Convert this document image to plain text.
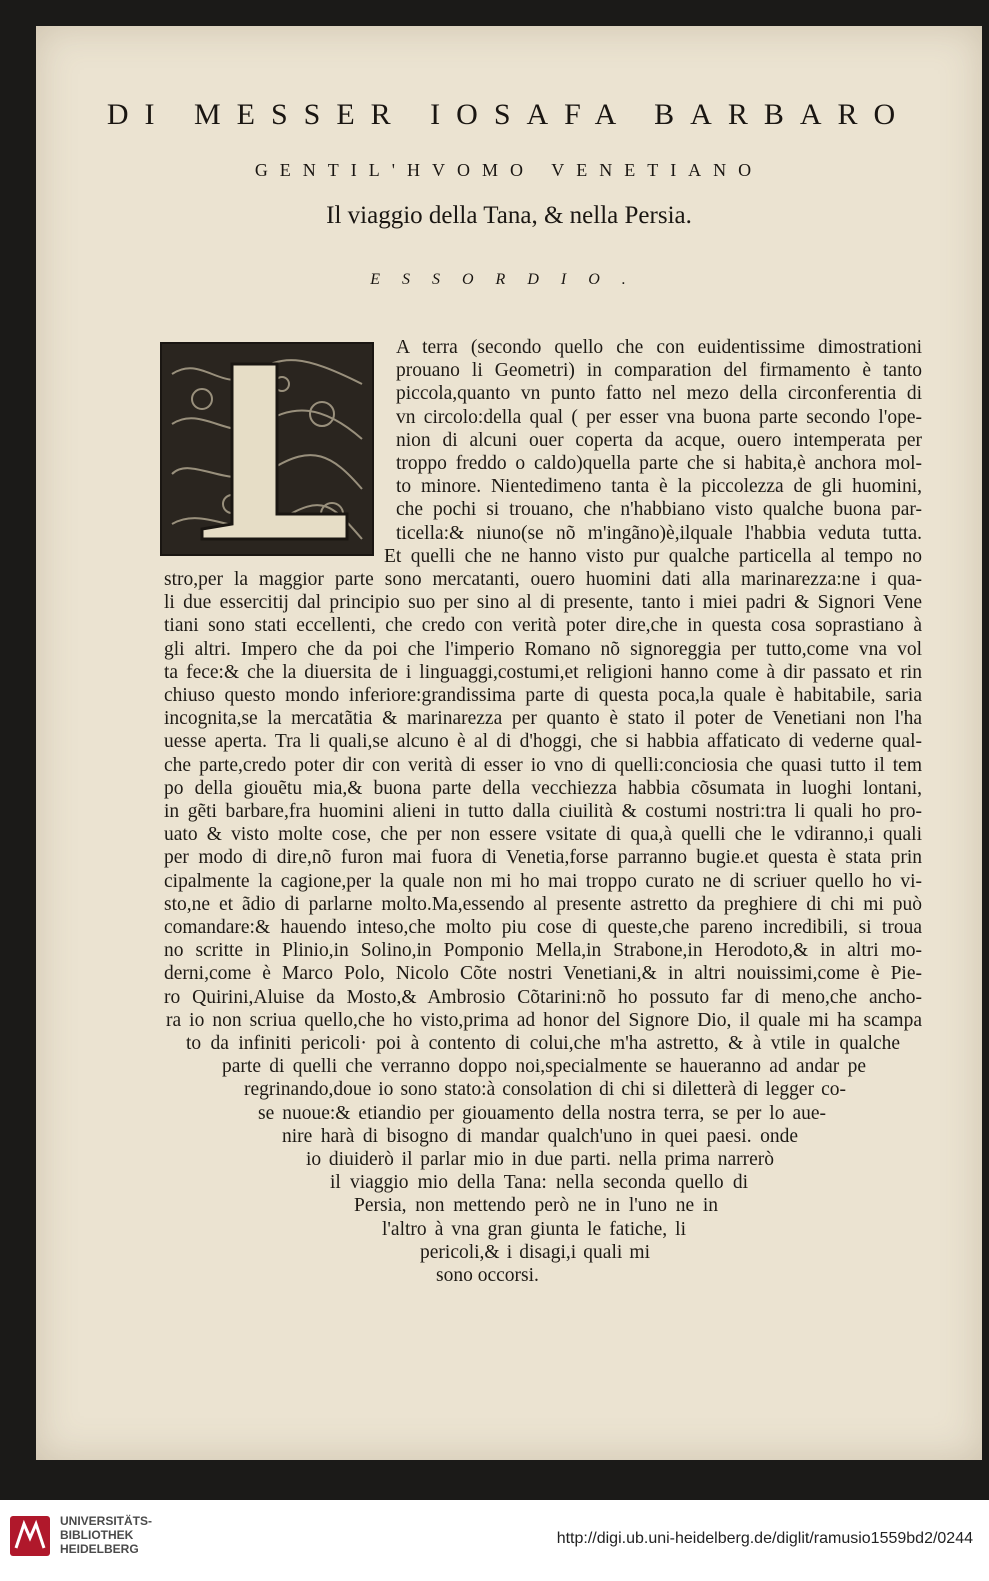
DI MESSER IOSAFA BARBARO
GENTIL'HVOMO VENETIANO
Il viaggio della Tana, & nella Persia.
ESSORDIO.
A terra (secondo quello che con euidentissime dimostrationi
prouano li Geometri) in comparation del firmamento è tanto
piccola,quanto vn punto fatto nel mezo della circonferentia di
vn circolo:della qual ( per esser vna buona parte secondo l'ope-
nion di alcuni ouer coperta da acque, ouero intemperata per
troppo freddo o caldo)quella parte che si habita,è anchora mol-
to minore. Nientedimeno tanta è la piccolezza de gli huomini,
che pochi si trouano, che n'habbiano visto qualche buona par-
ticella:& niuno(se nõ m'ingãno)è,ilquale l'habbia veduta tutta.
Et quelli che ne hanno visto pur qualche particella al tempo no
stro,per la maggior parte sono mercatanti, ouero huomini dati alla marinarezza:ne i qua-
li due essercitij dal principio suo per sino al di presente, tanto i miei padri & Signori Vene
tiani sono stati eccellenti, che credo con verità poter dire,che in questa cosa soprastiano à
gli altri. Impero che da poi che l'imperio Romano nõ signoreggia per tutto,come vna vol
ta fece:& che la diuersita de i linguaggi,costumi,et religioni hanno come à dir passato et rin
chiuso questo mondo inferiore:grandissima parte di questa poca,la quale è habitabile, saria
incognita,se la mercatãtia & marinarezza per quanto è stato il poter de Venetiani non l'ha
uesse aperta. Tra li quali,se alcuno è al di d'hoggi, che si habbia affaticato di vederne qual-
che parte,credo poter dir con verità di esser io vno di quelli:conciosia che quasi tutto il tem
po della giouẽtu mia,& buona parte della vecchiezza habbia cõsumata in luoghi lontani,
in gẽti barbare,fra huomini alieni in tutto dalla ciuilità & costumi nostri:tra li quali ho pro-
uato & visto molte cose, che per non essere vsitate di qua,à quelli che le vdiranno,i quali
per modo di dire,nõ furon mai fuora di Venetia,forse parranno bugie.et questa è stata prin
cipalmente la cagione,per la quale non mi ho mai troppo curato ne di scriuer quello ho vi-
sto,ne et ãdio di parlarne molto.Ma,essendo al presente astretto da preghiere di chi mi può
comandare:& hauendo inteso,che molto piu cose di queste,che pareno incredibili, si troua
no scritte in Plinio,in Solino,in Pomponio Mella,in Strabone,in Herodoto,& in altri mo-
derni,come è Marco Polo, Nicolo Cõte nostri Venetiani,& in altri nouissimi,come è Pie-
ro Quirini,Aluise da Mosto,& Ambrosio Cõtarini:nõ ho possuto far di meno,che ancho-
ra io non scriua quello,che ho visto,prima ad honor del Signore Dio, il quale mi ha scampa
to da infiniti pericoli· poi à contento di colui,che m'ha astretto, & à vtile in qualche
parte di quelli che verranno doppo noi,specialmente se haueranno ad andar pe
regrinando,doue io sono stato:à consolation di chi si diletterà di legger co-
se nuoue:& etiandio per giouamento della nostra terra, se per lo aue-
nire harà di bisogno di mandar qualch'uno in quei paesi. onde
io diuiderò il parlar mio in due parti. nella prima narrerò
il viaggio mio della Tana: nella seconda quello di
Persia, non mettendo però ne in l'uno ne in
l'altro à vna gran giunta le fatiche, li
pericoli,& i disagi,i quali mi
sono occorsi.
UNIVERSITÄTS-
BIBLIOTHEK
HEIDELBERG
http://digi.ub.uni-heidelberg.de/diglit/ramusio1559bd2/0244
